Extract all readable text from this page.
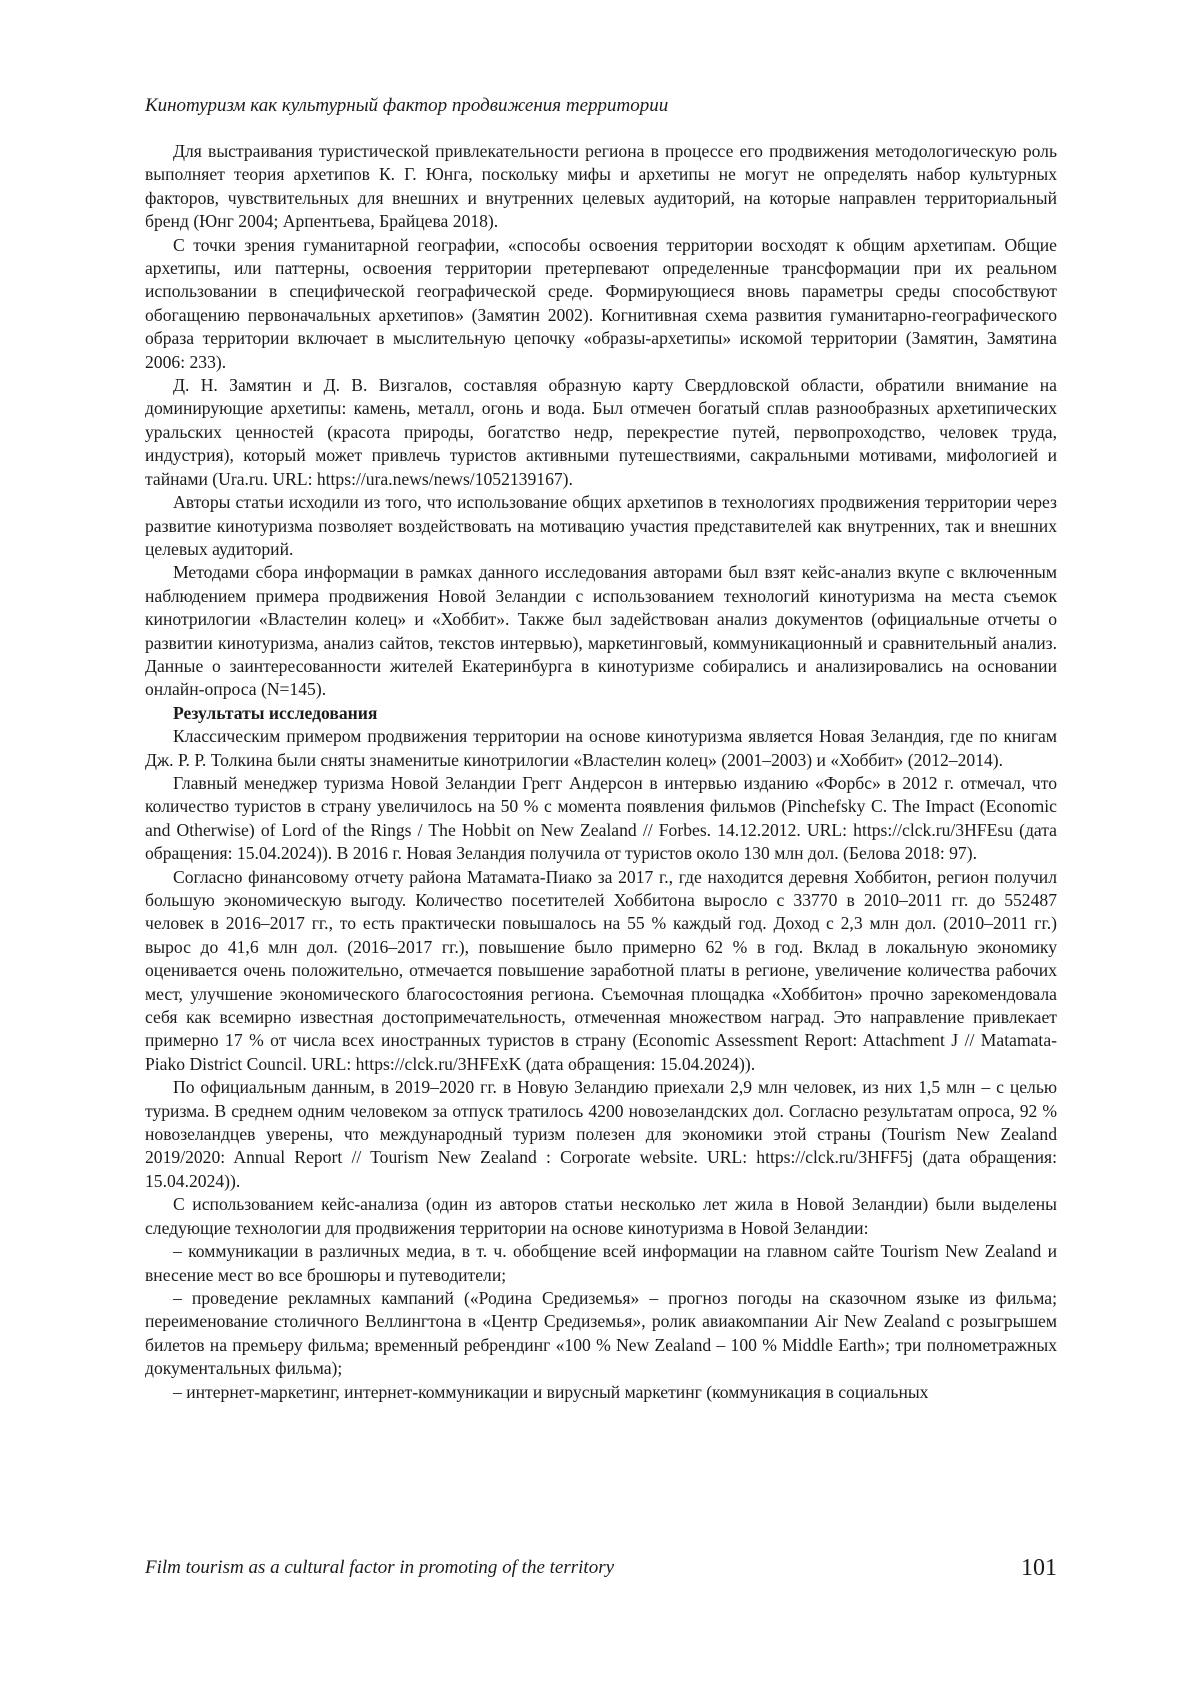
Кинотуризм как культурный фактор продвижения территории

Для выстраивания туристической привлекательности региона в процессе его продвижения методологическую роль выполняет теория архетипов К. Г. Юнга, поскольку мифы и архетипы не могут не определять набор культурных факторов, чувствительных для внешних и внутренних целевых аудиторий, на которые направлен территориальный бренд (Юнг 2004; Арпентьева, Брайцева 2018).

С точки зрения гуманитарной географии, «способы освоения территории восходят к общим архетипам. Общие архетипы, или паттерны, освоения территории претерпевают определенные трансформации при их реальном использовании в специфической географической среде. Формирующиеся вновь параметры среды способствуют обогащению первоначальных архетипов» (Замятин 2002). Когнитивная схема развития гуманитарно-географического образа территории включает в мыслительную цепочку «образы-архетипы» искомой территории (Замятин, Замятина 2006: 233).

Д. Н. Замятин и Д. В. Визгалов, составляя образную карту Свердловской области, обратили внимание на доминирующие архетипы: камень, металл, огонь и вода. Был отмечен богатый сплав разнообразных архетипических уральских ценностей (красота природы, богатство недр, перекрестие путей, первопроходство, человек труда, индустрия), который может привлечь туристов активными путешествиями, сакральными мотивами, мифологией и тайнами (Ura.ru. URL: https://ura.news/news/1052139167).

Авторы статьи исходили из того, что использование общих архетипов в технологиях продвижения территории через развитие кинотуризма позволяет воздействовать на мотивацию участия представителей как внутренних, так и внешних целевых аудиторий.

Методами сбора информации в рамках данного исследования авторами был взят кейс-анализ вкупе с включенным наблюдением примера продвижения Новой Зеландии с использованием технологий кинотуризма на места съемок кинотрилогии «Властелин колец» и «Хоббит». Также был задействован анализ документов (официальные отчеты о развитии кинотуризма, анализ сайтов, текстов интервью), маркетинговый, коммуникационный и сравнительный анализ. Данные о заинтересованности жителей Екатеринбурга в кинотуризме собирались и анализировались на основании онлайн-опроса (N=145).

Результаты исследования

Классическим примером продвижения территории на основе кинотуризма является Новая Зеландия, где по книгам Дж. Р. Р. Толкина были сняты знаменитые кинотрилогии «Властелин колец» (2001–2003) и «Хоббит» (2012–2014).

Главный менеджер туризма Новой Зеландии Грегг Андерсон в интервью изданию «Форбс» в 2012 г. отмечал, что количество туристов в страну увеличилось на 50 % с момента появления фильмов (Pinchefsky C. The Impact (Economic and Otherwise) of Lord of the Rings / The Hobbit on New Zealand // Forbes. 14.12.2012. URL: https://clck.ru/3HFEsu (дата обращения: 15.04.2024)). В 2016 г. Новая Зеландия получила от туристов около 130 млн дол. (Белова 2018: 97).

Согласно финансовому отчету района Матамата-Пиако за 2017 г., где находится деревня Хоббитон, регион получил большую экономическую выгоду. Количество посетителей Хоббитона выросло с 33770 в 2010–2011 гг. до 552487 человек в 2016–2017 гг., то есть практически повышалось на 55 % каждый год. Доход с 2,3 млн дол. (2010–2011 гг.) вырос до 41,6 млн дол. (2016–2017 гг.), повышение было примерно 62 % в год. Вклад в локальную экономику оценивается очень положительно, отмечается повышение заработной платы в регионе, увеличение количества рабочих мест, улучшение экономического благосостояния региона. Съемочная площадка «Хоббитон» прочно зарекомендовала себя как всемирно известная достопримечательность, отмеченная множеством наград. Это направление привлекает примерно 17 % от числа всех иностранных туристов в страну (Economic Assessment Report: Attachment J // Matamata-Piako District Council. URL: https://clck.ru/3HFExK (дата обращения: 15.04.2024)).

По официальным данным, в 2019–2020 гг. в Новую Зеландию приехали 2,9 млн человек, из них 1,5 млн – с целью туризма. В среднем одним человеком за отпуск тратилось 4200 новозеландских дол. Согласно результатам опроса, 92 % новозеландцев уверены, что международный туризм полезен для экономики этой страны (Tourism New Zealand 2019/2020: Annual Report // Tourism New Zealand : Corporate website. URL: https://clck.ru/3HFF5j (дата обращения: 15.04.2024)).

С использованием кейс-анализа (один из авторов статьи несколько лет жила в Новой Зеландии) были выделены следующие технологии для продвижения территории на основе кинотуризма в Новой Зеландии:

– коммуникации в различных медиа, в т. ч. обобщение всей информации на главном сайте Tourism New Zealand и внесение мест во все брошюры и путеводители;

– проведение рекламных кампаний («Родина Средиземья» – прогноз погоды на сказочном языке из фильма; переименование столичного Веллингтона в «Центр Средиземья», ролик авиакомпании Air New Zealand с розыгрышем билетов на премьеру фильма; временный ребрендинг «100 % New Zealand – 100 % Middle Earth»; три полнометражных документальных фильма);

– интернет-маркетинг, интернет-коммуникации и вирусный маркетинг (коммуникация в социальных

Film tourism as a cultural factor in promoting of the territory	101
